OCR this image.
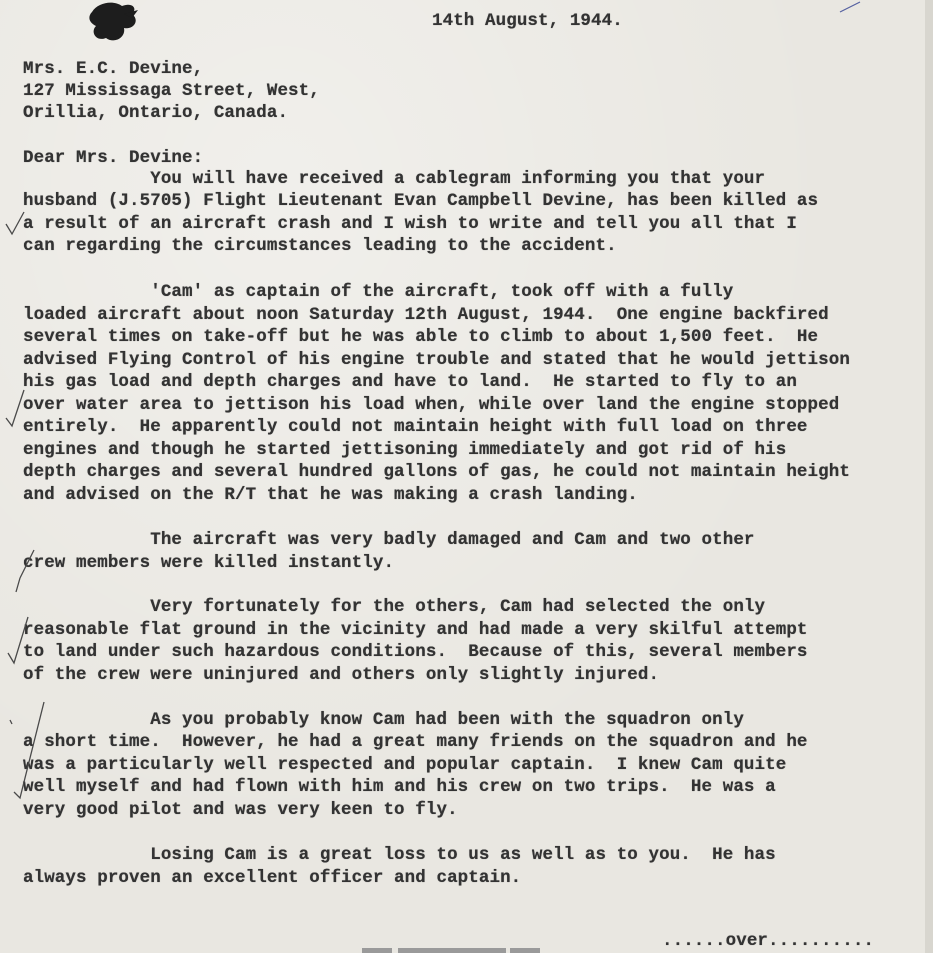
14th August, 1944.
Mrs. E.C. Devine,
127 Mississaga Street, West,
Orillia, Ontario, Canada.
Dear Mrs. Devine:
You will have received a cablegram informing you that your
husband (J.5705) Flight Lieutenant Evan Campbell Devine, has been killed as
a result of an aircraft crash and I wish to write and tell you all that I
can regarding the circumstances leading to the accident.
'Cam' as captain of the aircraft, took off with a fully
loaded aircraft about noon Saturday 12th August, 1944.  One engine backfired
several times on take-off but he was able to climb to about 1,500 feet.  He
advised Flying Control of his engine trouble and stated that he would jettison
his gas load and depth charges and have to land.  He started to fly to an
over water area to jettison his load when, while over land the engine stopped
entirely.  He apparently could not maintain height with full load on three
engines and though he started jettisoning immediately and got rid of his
depth charges and several hundred gallons of gas, he could not maintain height
and advised on the R/T that he was making a crash landing.
The aircraft was very badly damaged and Cam and two other
crew members were killed instantly.
Very fortunately for the others, Cam had selected the only
reasonable flat ground in the vicinity and had made a very skilful attempt
to land under such hazardous conditions.  Because of this, several members
of the crew were uninjured and others only slightly injured.
As you probably know Cam had been with the squadron only
a short time.  However, he had a great many friends on the squadron and he
was a particularly well respected and popular captain.  I knew Cam quite
well myself and had flown with him and his crew on two trips.  He was a
very good pilot and was very keen to fly.
Losing Cam is a great loss to us as well as to you.  He has
always proven an excellent officer and captain.
......over..........
